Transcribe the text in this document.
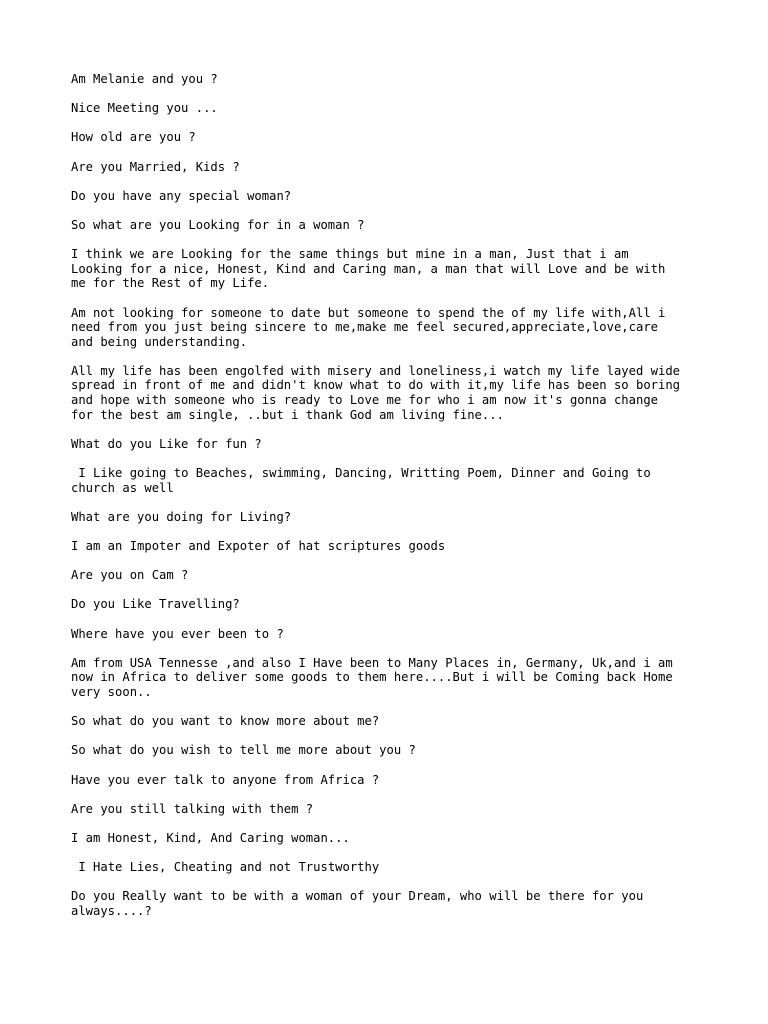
Am Melanie and you ?

Nice Meeting you ...

How old are you ?

Are you Married, Kids ?

Do you have any special woman?

So what are you Looking for in a woman ?

I think we are Looking for the same things but mine in a man, Just that i am
Looking for a nice, Honest, Kind and Caring man, a man that will Love and be with
me for the Rest of my Life.

Am not looking for someone to date but someone to spend the of my life with,All i
need from you just being sincere to me,make me feel secured,appreciate,love,care
and being understanding.

All my life has been engolfed with misery and loneliness,i watch my life layed wide
spread in front of me and didn't know what to do with it,my life has been so boring
and hope with someone who is ready to Love me for who i am now it's gonna change
for the best am single, ..but i thank God am living fine...

What do you Like for fun ?

I Like going to Beaches, swimming, Dancing, Writting Poem, Dinner and Going to
church as well

What are you doing for Living?

I am an Impoter and Expoter of hat scriptures goods

Are you on Cam ?

Do you Like Travelling?

Where have you ever been to ?

Am from USA Tennesse ,and also I Have been to Many Places in, Germany, Uk,and i am
now in Africa to deliver some goods to them here....But i will be Coming back Home
very soon..

So what do you want to know more about me?

So what do you wish to tell me more about you ?

Have you ever talk to anyone from Africa ?

Are you still talking with them ?

I am Honest, Kind, And Caring woman...

I Hate Lies, Cheating and not Trustworthy

Do you Really want to be with a woman of your Dream, who will be there for you
always....?
